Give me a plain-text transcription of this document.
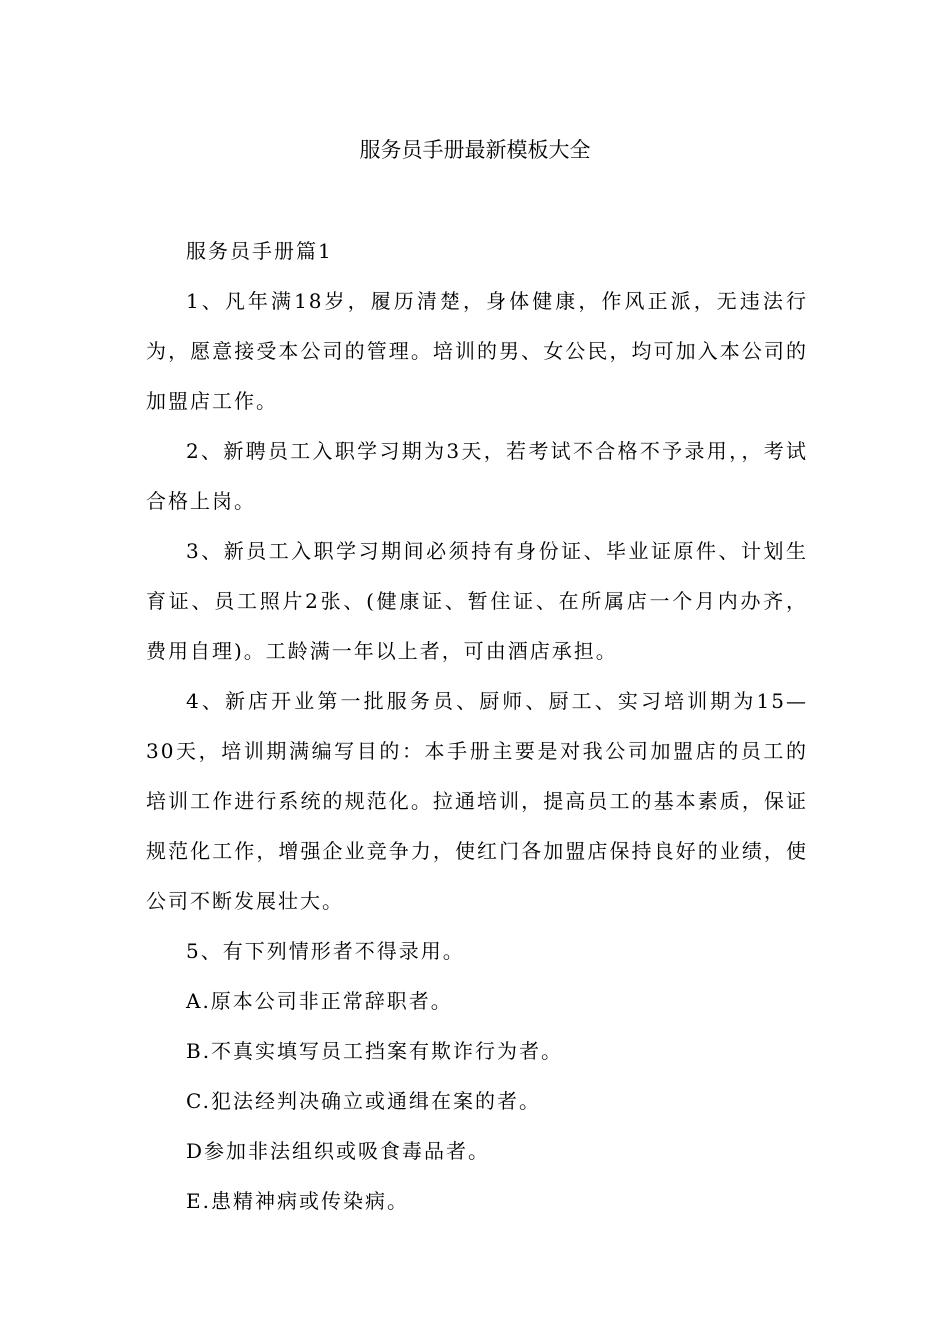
服务员手册最新模板大全

服务员手册篇1

1、凡年满18岁，履历清楚，身体健康，作风正派，无违法行为，愿意接受本公司的管理。培训的男、女公民，均可加入本公司的加盟店工作。

2、新聘员工入职学习期为3天，若考试不合格不予录用，，考试合格上岗。

3、新员工入职学习期间必须持有身份证、毕业证原件、计划生育证、员工照片2张、(健康证、暂住证、在所属店一个月内办齐，费用自理)。工龄满一年以上者，可由酒店承担。

4、新店开业第一批服务员、厨师、厨工、实习培训期为15—30天，培训期满编写目的：本手册主要是对我公司加盟店的员工的培训工作进行系统的规范化。拉通培训，提高员工的基本素质，保证规范化工作，增强企业竞争力，使红门各加盟店保持良好的业绩，使公司不断发展壮大。

5、有下列情形者不得录用。

A.原本公司非正常辞职者。

B.不真实填写员工挡案有欺诈行为者。

C.犯法经判决确立或通缉在案的者。

D参加非法组织或吸食毒品者。

E.患精神病或传染病。
